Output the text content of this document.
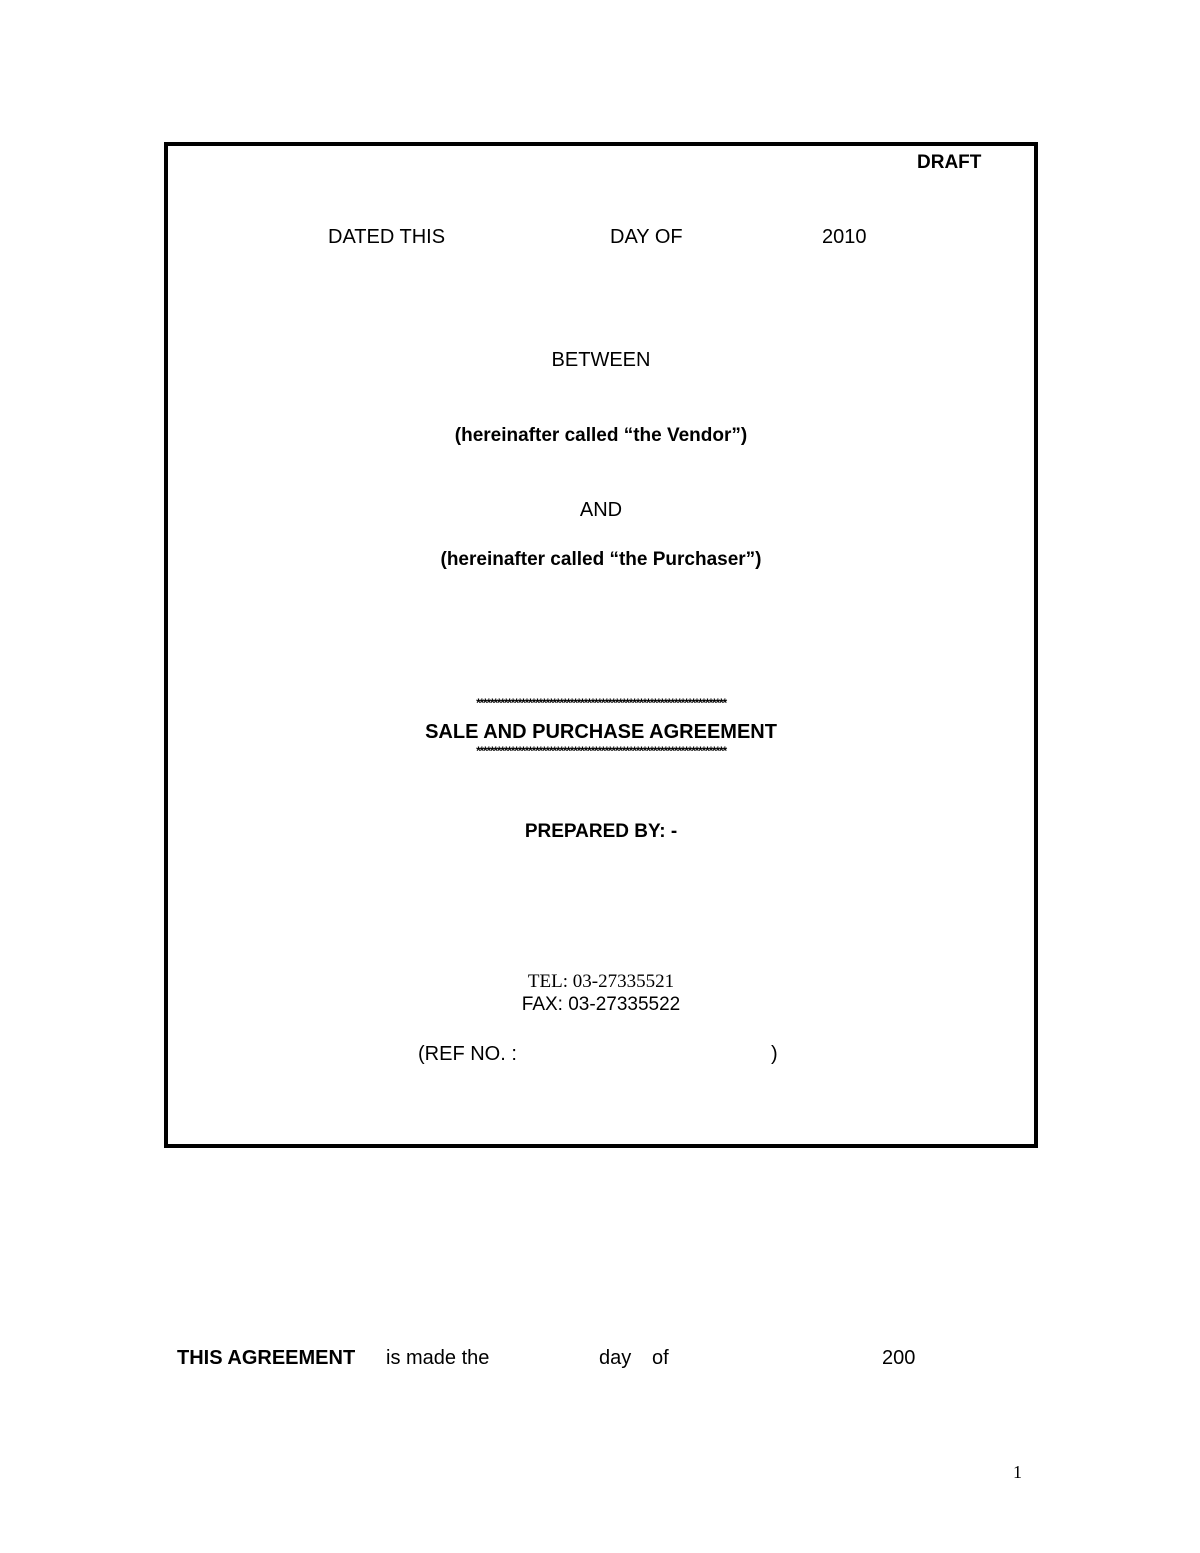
DRAFT
DATED THIS	DAY OF	2010
BETWEEN
(hereinafter called “the Vendor”)
AND
(hereinafter called “the Purchaser”)
************************************************************************
SALE AND PURCHASE AGREEMENT
************************************************************************
PREPARED BY: -
TEL: 03-27335521
FAX: 03-27335522
(REF NO. :	)
THIS AGREEMENT is made the	day of	200
1
